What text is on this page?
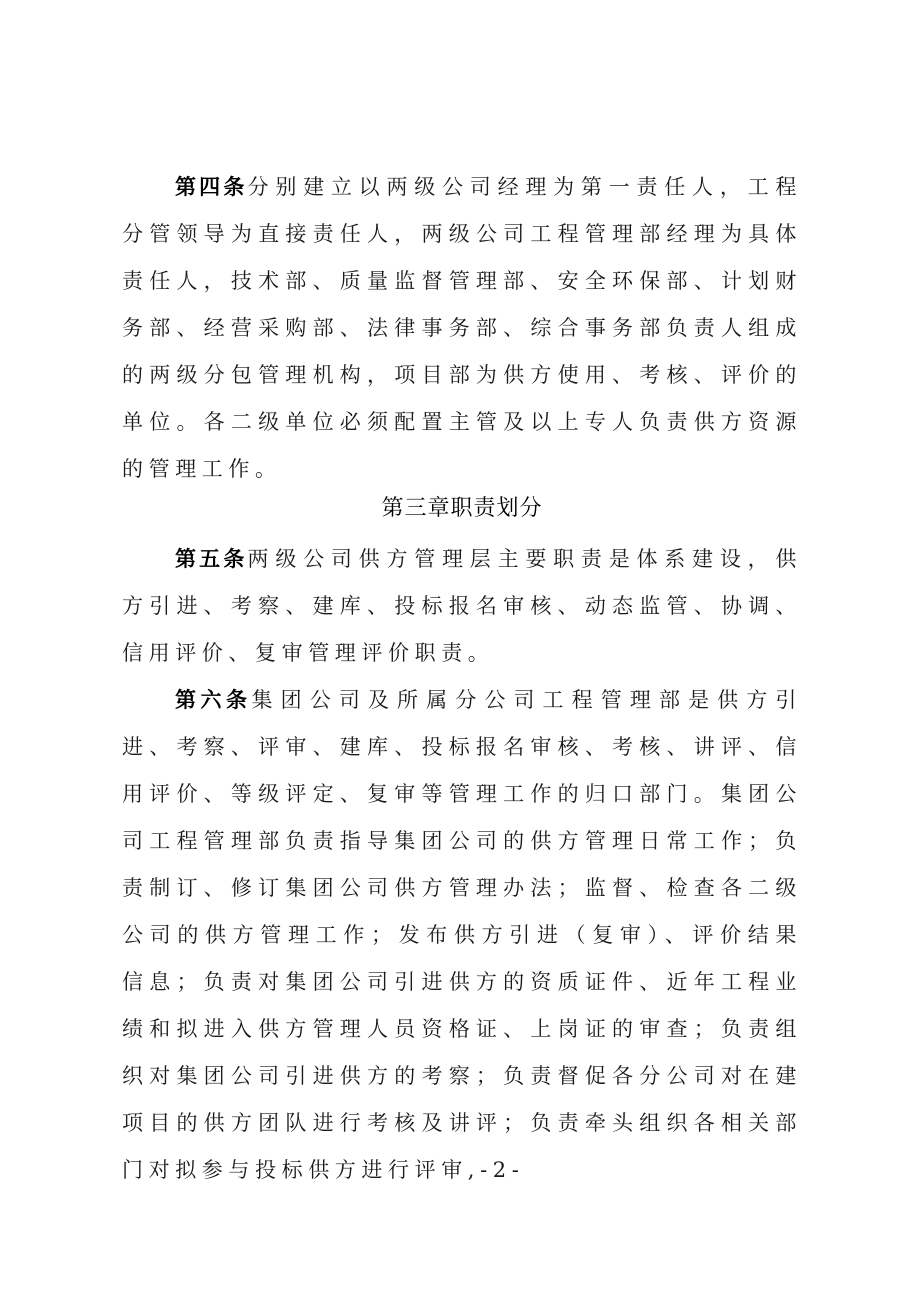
第四条分别建立以两级公司经理为第一责任人，工程分管领导为直接责任人，两级公司工程管理部经理为具体责任人，技术部、质量监督管理部、安全环保部、计划财务部、经营采购部、法律事务部、综合事务部负责人组成的两级分包管理机构，项目部为供方使用、考核、评价的单位。各二级单位必须配置主管及以上专人负责供方资源的管理工作。

第三章职责划分

第五条两级公司供方管理层主要职责是体系建设，供方引进、考察、建库、投标报名审核、动态监管、协调、信用评价、复审管理评价职责。

第六条集团公司及所属分公司工程管理部是供方引进、考察、评审、建库、投标报名审核、考核、讲评、信用评价、等级评定、复审等管理工作的归口部门。集团公司工程管理部负责指导集团公司的供方管理日常工作；负责制订、修订集团公司供方管理办法；监督、检查各二级公司的供方管理工作；发布供方引进（复审）、评价结果信息；负责对集团公司引进供方的资质证件、近年工程业绩和拟进入供方管理人员资格证、上岗证的审查；负责组织对集团公司引进供方的考察；负责督促各分公司对在建项目的供方团队进行考核及讲评；负责牵头组织各相关部门对拟参与投标供方进行评审,-2-
